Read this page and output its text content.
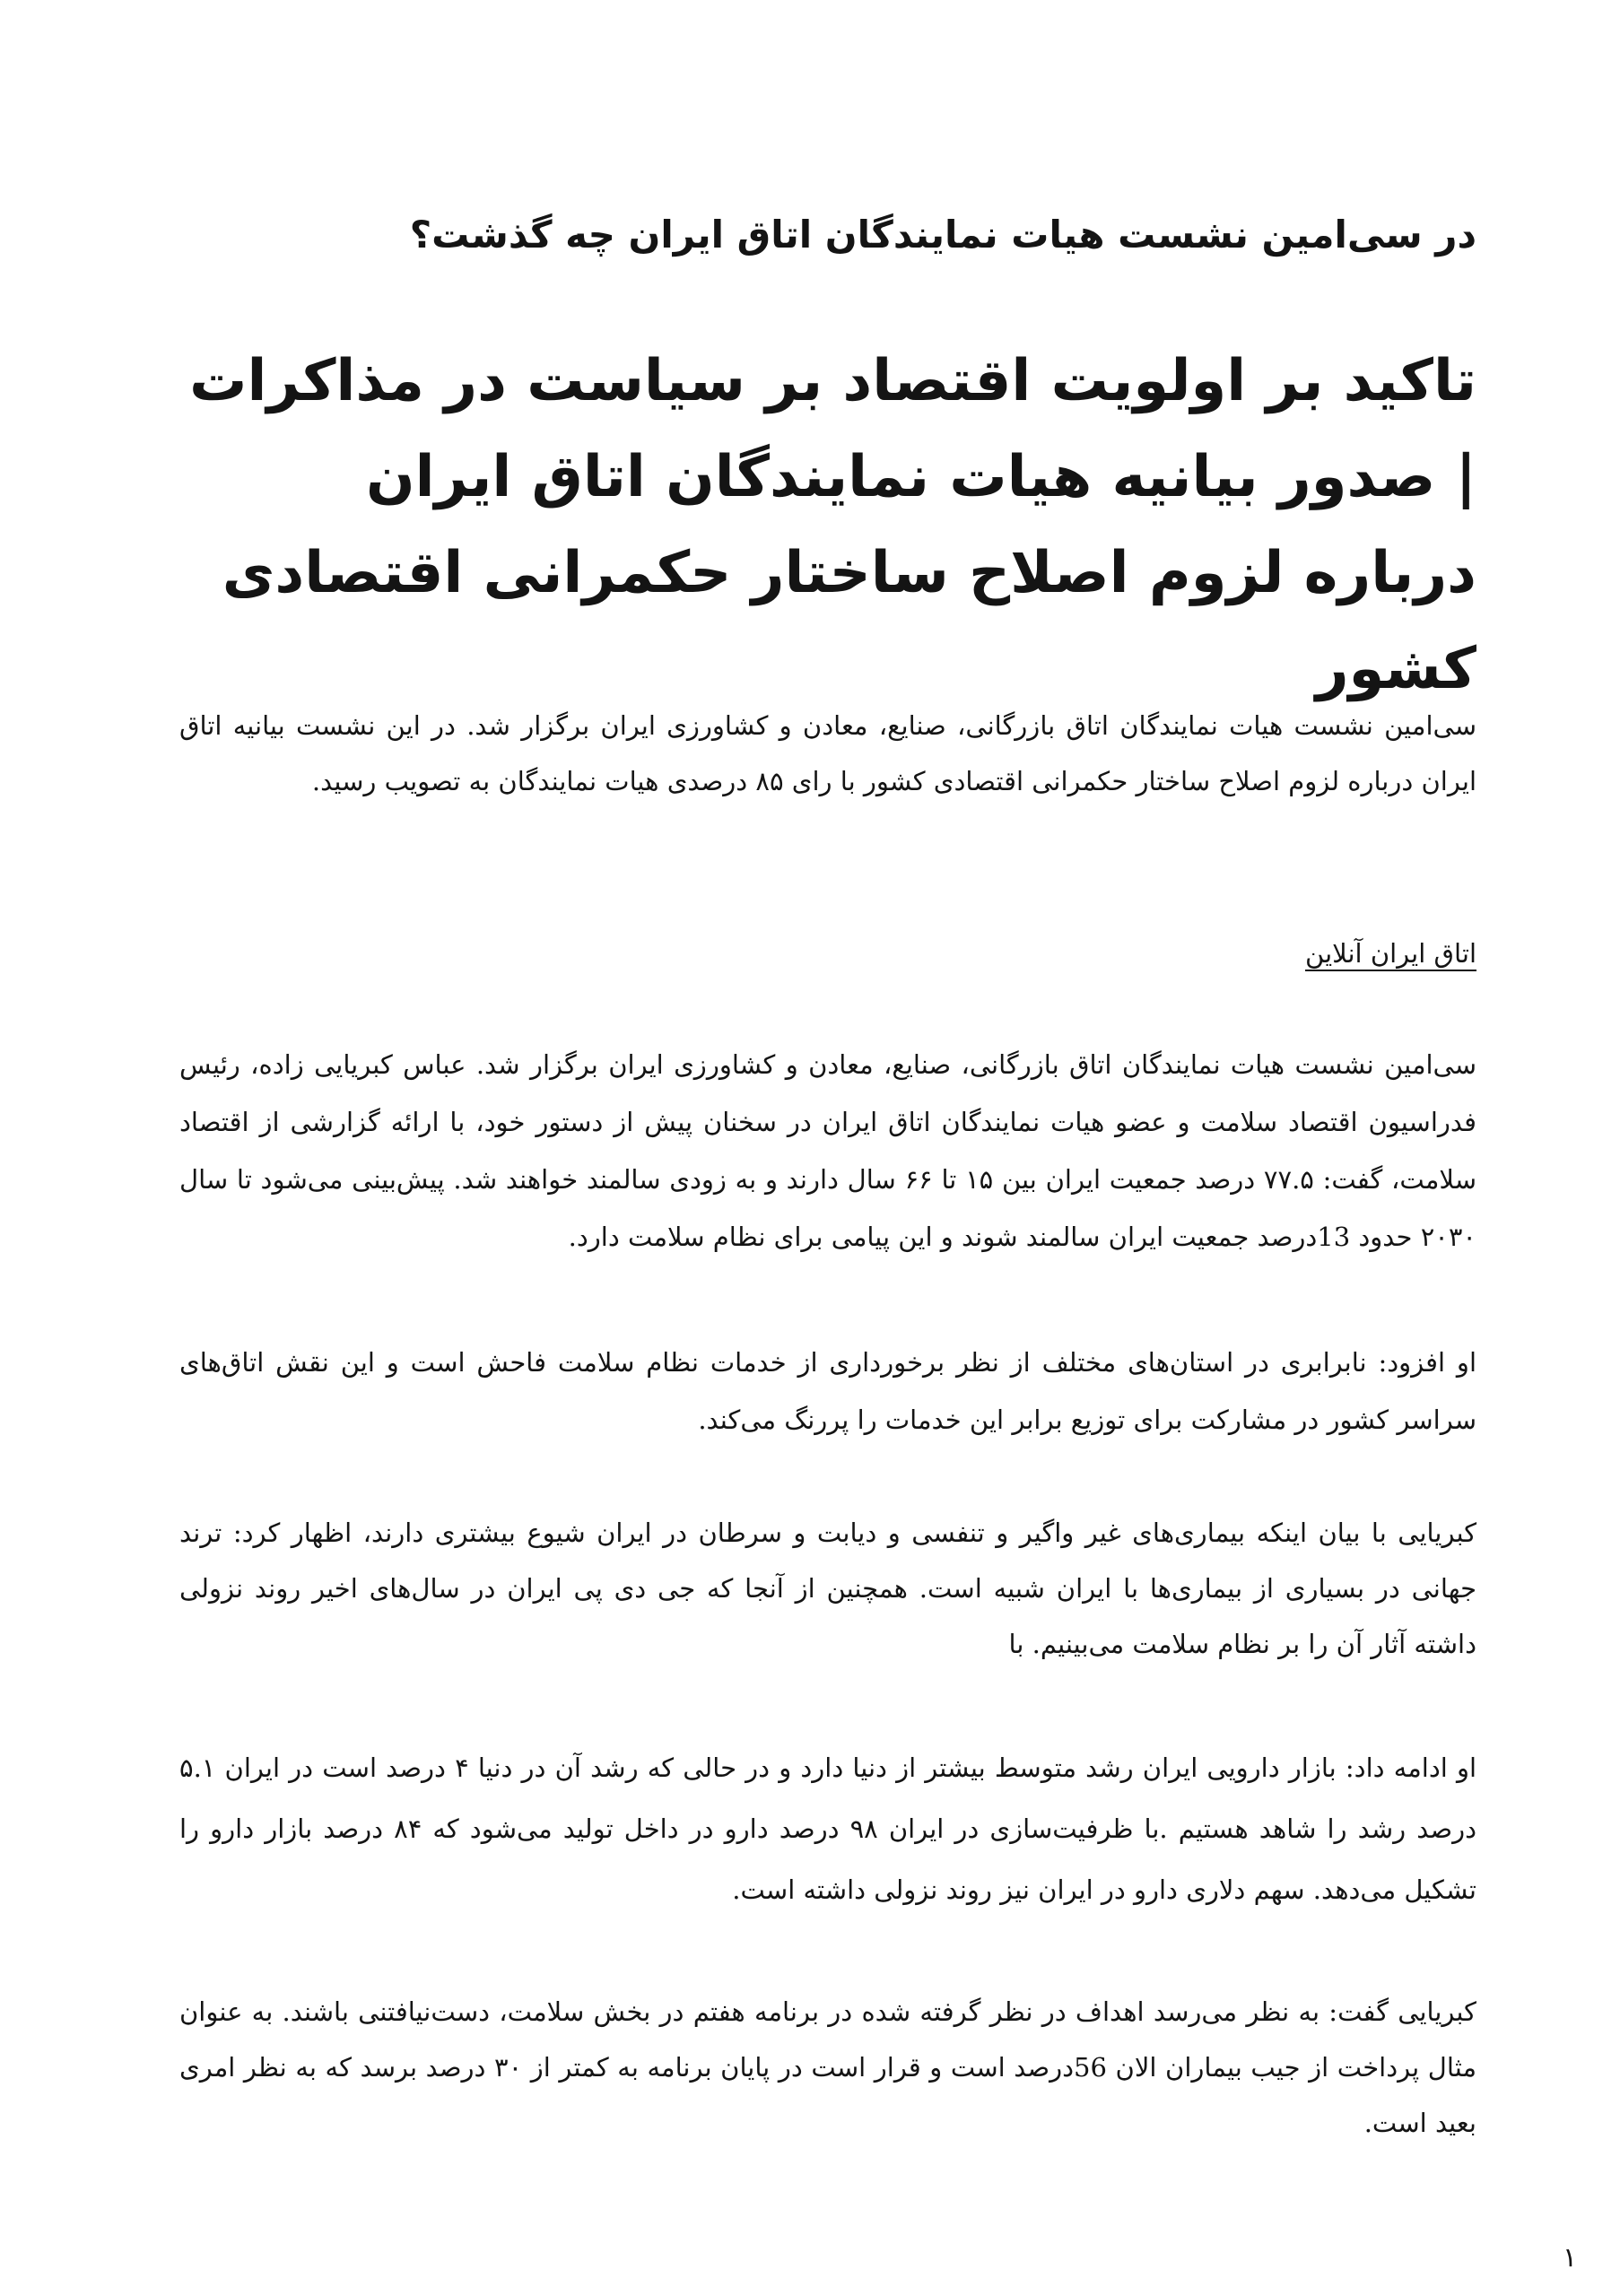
در سی‌امین نشست هیات نمایندگان اتاق ایران چه گذشت؟
تاکید بر اولویت اقتصاد بر سیاست در مذاکرات | صدور بیانیه هیات نمایندگان اتاق ایران درباره لزوم اصلاح ساختار حکمرانی اقتصادی کشور

سی‌امین نشست هیات نمایندگان اتاق بازرگانی، صنایع، معادن و کشاورزی ایران برگزار شد. در این نشست بیانیه اتاق ایران درباره لزوم اصلاح ساختار حکمرانی اقتصادی کشور با رای ۸۵ درصدی هیات نمایندگان به تصویب رسید.

اتاق ایران آنلاین

سی‌امین نشست هیات نمایندگان اتاق بازرگانی، صنایع، معادن و کشاورزی ایران برگزار شد. عباس کبریایی زاده، رئیس فدراسیون اقتصاد سلامت و عضو هیات نمایندگان اتاق ایران در سخنان پیش از دستور خود، با ارائه گزارشی از اقتصاد سلامت، گفت: ۷۷.۵ درصد جمعیت ایران بین ۱۵ تا ۶۶ سال دارند و به زودی سالمند خواهند شد. پیش‌بینی می‌شود تا سال ۲۰۳۰ حدود 13درصد جمعیت ایران سالمند شوند و این پیامی برای نظام سلامت دارد.

او افزود: نابرابری در استان‌های مختلف از نظر برخورداری از خدمات نظام سلامت فاحش است و این نقش اتاق‌های سراسر کشور در مشارکت برای توزیع برابر این خدمات را پررنگ می‌کند.

کبریایی با بیان اینکه بیماری‌های غیر واگیر و تنفسی و دیابت و سرطان در ایران شیوع بیشتری دارند، اظهار کرد: ترند جهانی در بسیاری از بیماری‌ها با ایران شبیه است. همچنین از آنجا که جی دی پی ایران در سال‌های اخیر روند نزولی داشته آثار آن را بر نظام سلامت می‌بینیم. با

او ادامه داد: بازار دارویی ایران رشد متوسط بیشتر از دنیا دارد و در حالی که رشد آن در دنیا ۴ درصد است در ایران ۵.۱ درصد رشد را شاهد هستیم .با ظرفیت‌سازی در ایران ۹۸ درصد دارو در داخل تولید می‌شود که ۸۴ درصد بازار دارو را تشکیل می‌دهد. سهم دلاری دارو در ایران نیز روند نزولی داشته است.

کبریایی گفت: به نظر می‌رسد اهداف در نظر گرفته شده در برنامه هفتم در بخش سلامت، دست‌نیافتنی باشند. به عنوان مثال پرداخت از جیب بیماران الان 56درصد است و قرار است در پایان برنامه به کمتر از ۳۰ درصد برسد که به نظر امری بعید است.

۱
